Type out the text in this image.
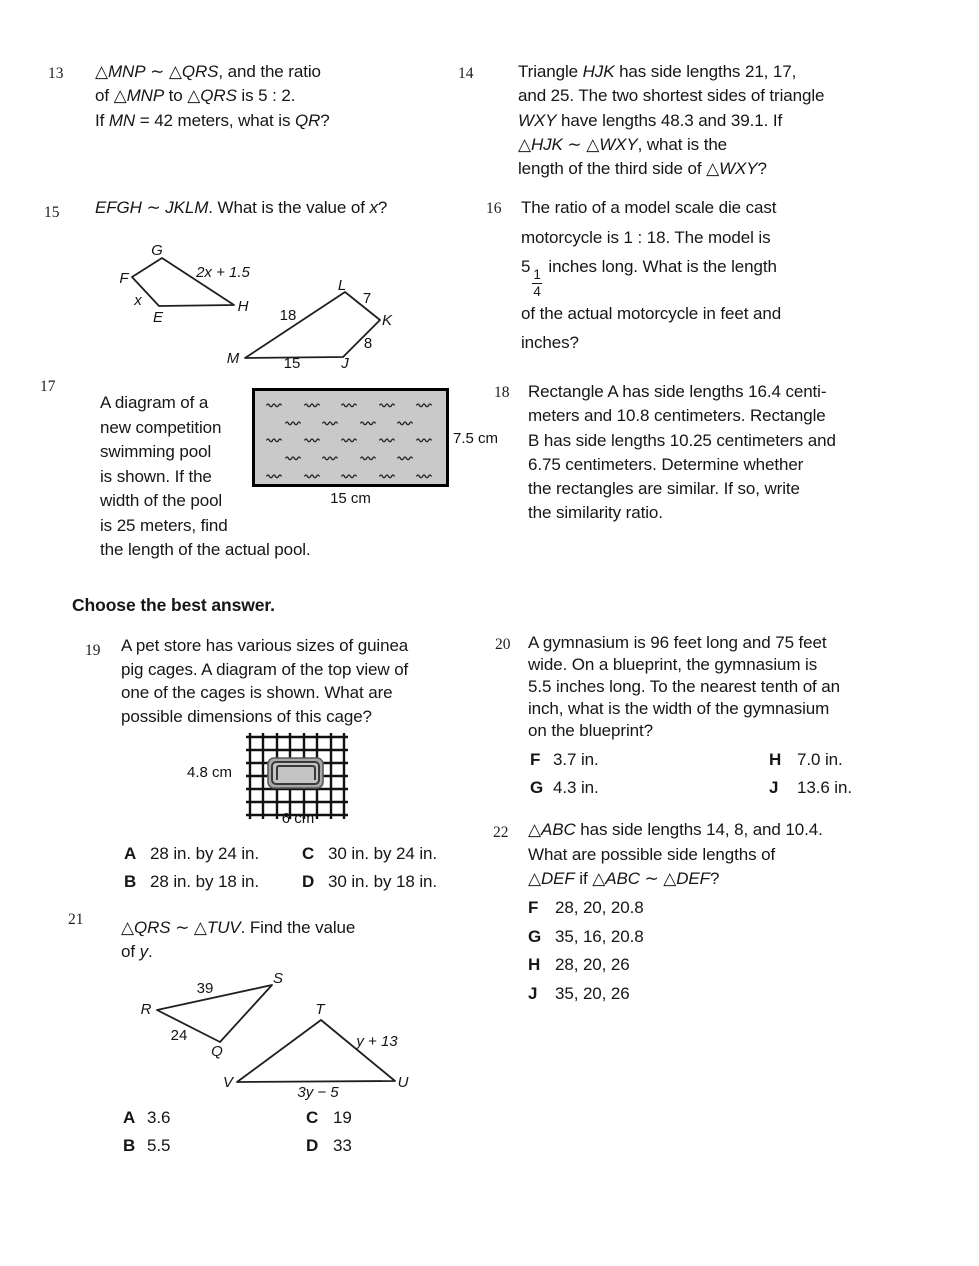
13 △MNP ∼ △QRS, and the ratio
of △MNP to △QRS is 5 : 2.
If MN = 42 meters, what is QR?
14	Triangle HJK has side lengths 21, 17,
and 25. The two shortest sides of triangle
WXY have lengths 48.3 and 39.1. If
△HJK ∼ △WXY, what is the
length of the third side of △WXY?
15 EFGH ∼ JKLM. What is the value of x?
G
F
E
H
2x + 1.5
x
L
K
M	J
7
18
8
15
16 The ratio of a model scale die cast
motorcycle is 1 : 18. The model is
5
$\frac{1}{4}$
inches long. What is the length
of the actual motorcycle in feet and
inches?
17
A diagram of a
new competition
swimming pool
is shown. If the
width of the pool
is 25 meters, find
the length of the actual pool.
7.5 cm
15 cm
18 Rectangle A has side lengths 16.4 centi-
meters and 10.8 centimeters. Rectangle
B has side lengths 10.25 centimeters and
6.75 centimeters. Determine whether
the rectangles are similar. If so, write
the similarity ratio.
Choose the best answer.
19 A pet store has various sizes of guinea
pig cages. A diagram of the top view of
one of the cages is shown. What are
possible dimensions of this cage?
4.8 cm
6 cm
A 28 in. by 24 in.	C 30 in. by 24 in.
B 28 in. by 18 in.	D 30 in. by 18 in.
20 A gymnasium is 96 feet long and 75 feet
wide. On a blueprint, the gymnasium is
5.5 inches long. To the nearest tenth of an
inch, what is the width of the gymnasium
on the blueprint?
F 3.7 in.	H 7.0 in.
G 4.3 in.	J	13.6 in.
21 △QRS ∼ △TUV. Find the value
of y.
39
S
R	T
24
Q
y + 13
V	U
3y − 5
A 3.6	C 19
B 5.5	D 33
22 △ABC has side lengths 14, 8, and 10.4.
What are possible side lengths of
△DEF if △ABC ∼ △DEF?
F 28, 20, 20.8
G 35, 16, 20.8
H 28, 20, 26
J	35, 20, 26
